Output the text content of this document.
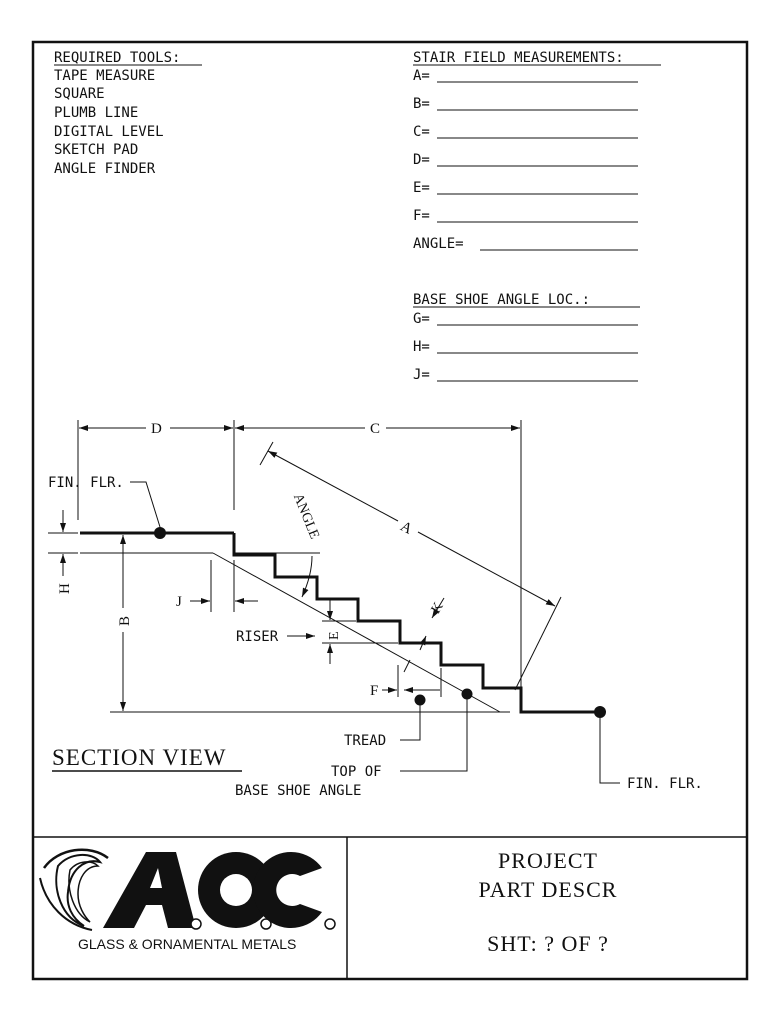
REQUIRED TOOLS:
TAPE MEASURE
SQUARE
PLUMB LINE
DIGITAL LEVEL
SKETCH PAD
ANGLE FINDER
STAIR FIELD MEASUREMENTS:
A=
B=
C=
D=
E=
F=
ANGLE=
BASE SHOE ANGLE LOC.:
G=
H=
J=
D	C
A
FIN. FLR.
H
B
J
ANGLE
E
RISER
K
F
TREAD
TOP OF
BASE SHOE ANGLE	FIN. FLR.
SECTION VIEW
GLASS & ORNAMENTAL METALS
PROJECT
PART DESCR
SHT: ? OF ?
